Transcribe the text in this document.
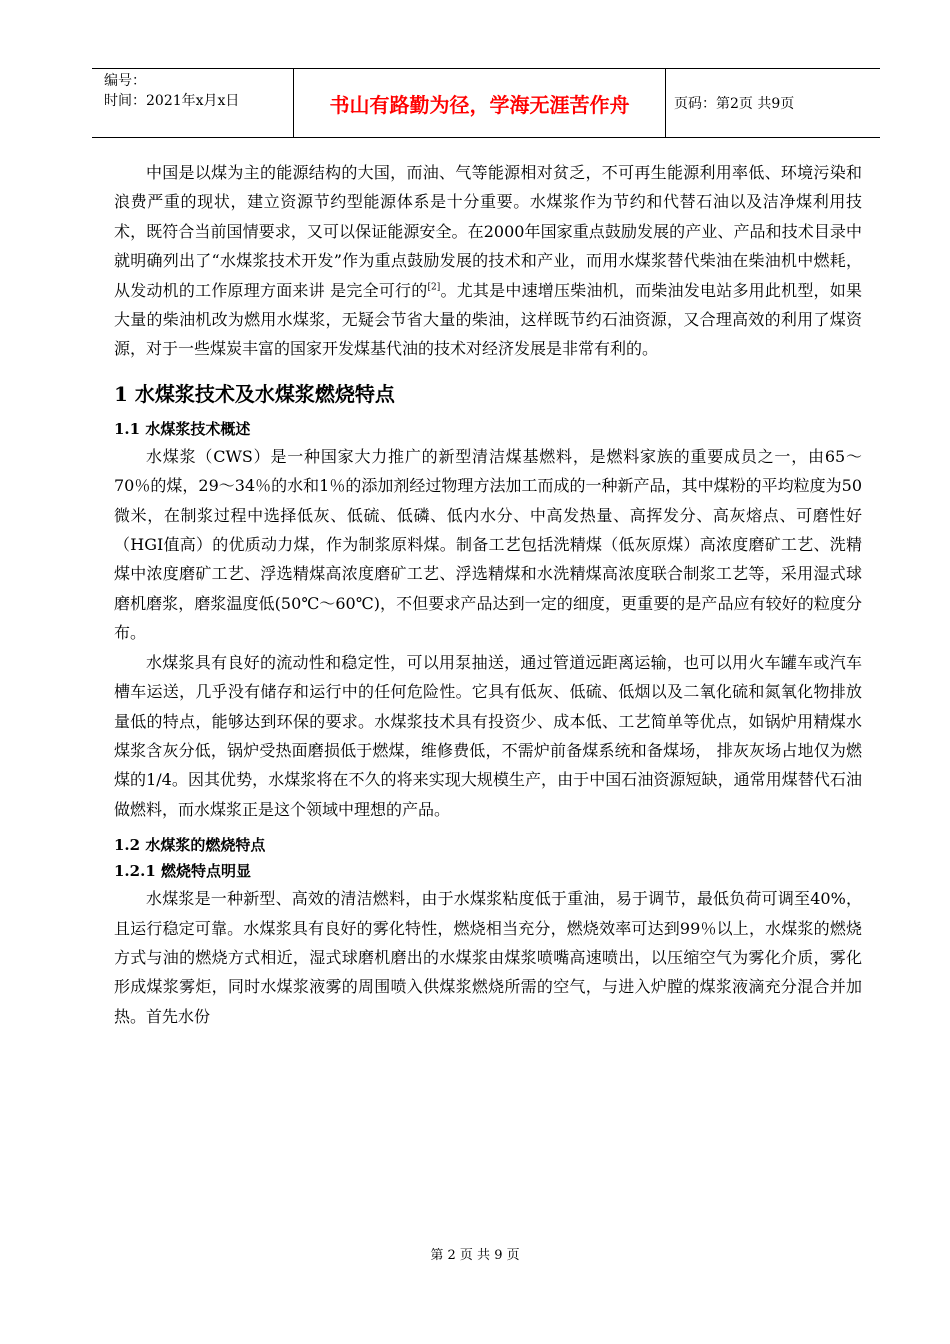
编号：
时间：2021年x月x日	书山有路勤为径，学海无涯苦作舟	页码：第2页 共9页

中国是以煤为主的能源结构的大国，而油、气等能源相对贫乏，不可再生能源利用率低、环境污染和浪费严重的现状，建立资源节约型能源体系是十分重要。水煤浆作为节约和代替石油以及洁净煤利用技术，既符合当前国情要求，又可以保证能源安全。在2000年国家重点鼓励发展的产业、产品和技术目录中就明确列出了“水煤浆技术开发”作为重点鼓励发展的技术和产业，而用水煤浆替代柴油在柴油机中燃耗，从发动机的工作原理方面来讲 是完全可行的[2]。尤其是中速增压柴油机，而柴油发电站多用此机型，如果大量的柴油机改为燃用水煤浆，无疑会节省大量的柴油，这样既节约石油资源，又合理高效的利用了煤资源，对于一些煤炭丰富的国家开发煤基代油的技术对经济发展是非常有利的。

1 水煤浆技术及水煤浆燃烧特点
1.1 水煤浆技术概述

水煤浆（CWS）是一种国家大力推广的新型清洁煤基燃料，是燃料家族的重要成员之一，由65～70％的煤，29～34％的水和1％的添加剂经过物理方法加工而成的一种新产品，其中煤粉的平均粒度为50微米，在制浆过程中选择低灰、低硫、低磷、低内水分、中高发热量、高挥发分、高灰熔点、可磨性好（HGI值高）的优质动力煤，作为制浆原料煤。制备工艺包括洗精煤（低灰原煤）高浓度磨矿工艺、洗精煤中浓度磨矿工艺、浮选精煤高浓度磨矿工艺、浮选精煤和水洗精煤高浓度联合制浆工艺等，采用湿式球磨机磨浆，磨浆温度低(50℃～60℃)，不但要求产品达到一定的细度，更重要的是产品应有较好的粒度分布。

水煤浆具有良好的流动性和稳定性，可以用泵抽送，通过管道远距离运输，也可以用火车罐车或汽车槽车运送，几乎没有储存和运行中的任何危险性。它具有低灰、低硫、低烟以及二氧化硫和氮氧化物排放量低的特点，能够达到环保的要求。水煤浆技术具有投资少、成本低、工艺简单等优点，如锅炉用精煤水煤浆含灰分低，锅炉受热面磨损低于燃煤，维修费低，不需炉前备煤系统和备煤场， 排灰灰场占地仅为燃煤的1/4。因其优势，水煤浆将在不久的将来实现大规模生产，由于中国石油资源短缺，通常用煤替代石油做燃料，而水煤浆正是这个领域中理想的产品。

1.2 水煤浆的燃烧特点
1.2.1 燃烧特点明显

水煤浆是一种新型、高效的清洁燃料，由于水煤浆粘度低于重油，易于调节，最低负荷可调至40%，且运行稳定可靠。水煤浆具有良好的雾化特性，燃烧相当充分，燃烧效率可达到99％以上，水煤浆的燃烧方式与油的燃烧方式相近，湿式球磨机磨出的水煤浆由煤浆喷嘴高速喷出，以压缩空气为雾化介质，雾化形成煤浆雾炬，同时水煤浆液雾的周围喷入供煤浆燃烧所需的空气，与进入炉膛的煤浆液滴充分混合并加热。首先水份

第 2 页 共 9 页
